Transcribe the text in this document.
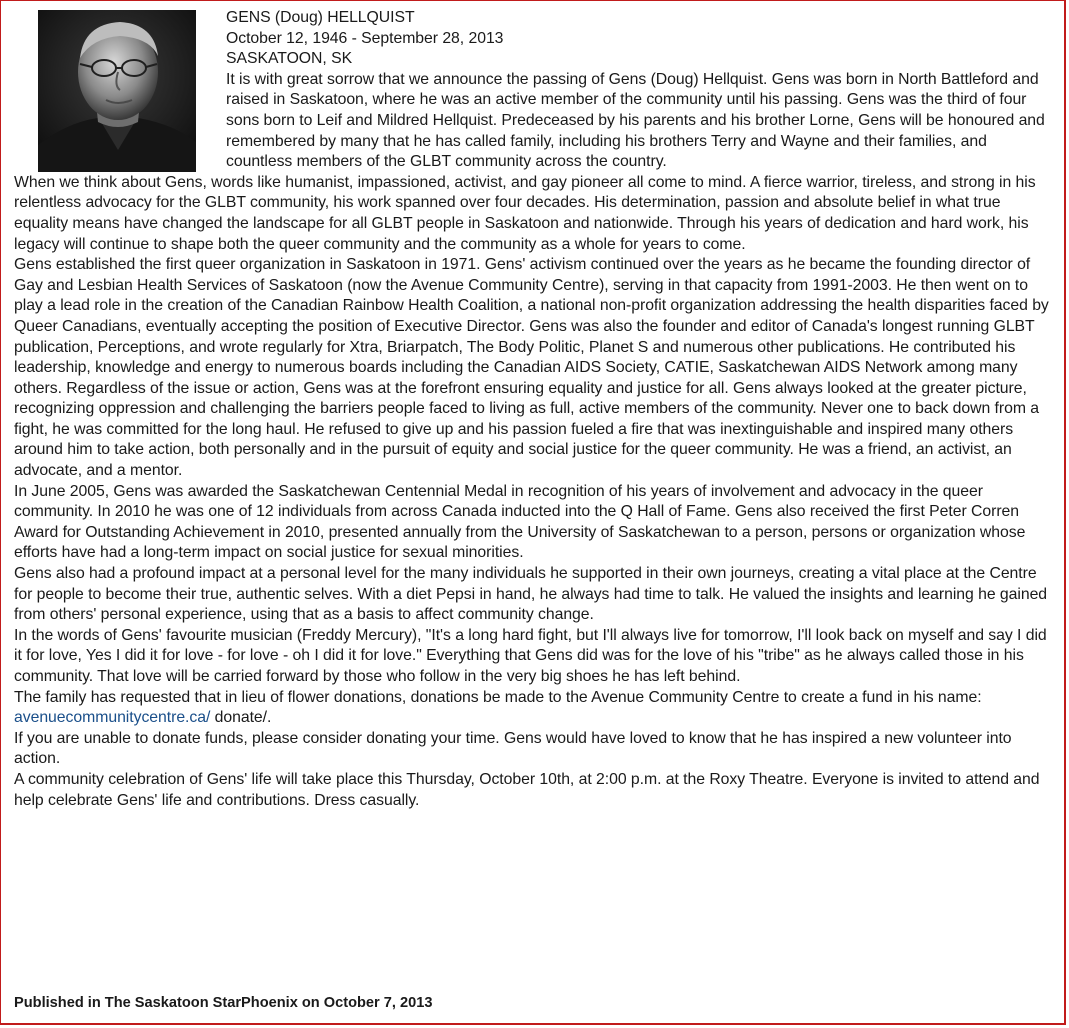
GENS (Doug) HELLQUIST

October 12, 1946 - September 28, 2013

SASKATOON, SK

It is with great sorrow that we announce the passing of Gens (Doug) Hellquist. Gens was born in North Battleford and raised in Saskatoon, where he was an active member of the community until his passing. Gens was the third of four sons born to Leif and Mildred Hellquist. Predeceased by his parents and his brother Lorne, Gens will be honoured and remembered by many that he has called family, including his brothers Terry and Wayne and their families, and countless members of the GLBT community across the country.

When we think about Gens, words like humanist, impassioned, activist, and gay pioneer all come to mind. A fierce warrior, tireless, and strong in his relentless advocacy for the GLBT community, his work spanned over four decades. His determination, passion and absolute belief in what true equality means have changed the landscape for all GLBT people in Saskatoon and nationwide. Through his years of dedication and hard work, his legacy will continue to shape both the queer community and the community as a whole for years to come.

Gens established the first queer organization in Saskatoon in 1971. Gens' activism continued over the years as he became the founding director of Gay and Lesbian Health Services of Saskatoon (now the Avenue Community Centre), serving in that capacity from 1991-2003. He then went on to play a lead role in the creation of the Canadian Rainbow Health Coalition, a national non-profit organization addressing the health disparities faced by Queer Canadians, eventually accepting the position of Executive Director. Gens was also the founder and editor of Canada's longest running GLBT publication, Perceptions, and wrote regularly for Xtra, Briarpatch, The Body Politic, Planet S and numerous other publications. He contributed his leadership, knowledge and energy to numerous boards including the Canadian AIDS Society, CATIE, Saskatchewan AIDS Network among many others. Regardless of the issue or action, Gens was at the forefront ensuring equality and justice for all. Gens always looked at the greater picture, recognizing oppression and challenging the barriers people faced to living as full, active members of the community. Never one to back down from a fight, he was committed for the long haul. He refused to give up and his passion fueled a fire that was inextinguishable and inspired many others around him to take action, both personally and in the pursuit of equity and social justice for the queer community. He was a friend, an activist, an advocate, and a mentor.

In June 2005, Gens was awarded the Saskatchewan Centennial Medal in recognition of his years of involvement and advocacy in the queer community. In 2010 he was one of 12 individuals from across Canada inducted into the Q Hall of Fame. Gens also received the first Peter Corren Award for Outstanding Achievement in 2010, presented annually from the University of Saskatchewan to a person, persons or organization whose efforts have had a long-term impact on social justice for sexual minorities.

Gens also had a profound impact at a personal level for the many individuals he supported in their own journeys, creating a vital place at the Centre for people to become their true, authentic selves. With a diet Pepsi in hand, he always had time to talk. He valued the insights and learning he gained from others' personal experience, using that as a basis to affect community change.

In the words of Gens' favourite musician (Freddy Mercury), "It's a long hard fight, but I'll always live for tomorrow, I'll look back on myself and say I did it for love, Yes I did it for love - for love - oh I did it for love." Everything that Gens did was for the love of his "tribe" as he always called those in his community. That love will be carried forward by those who follow in the very big shoes he has left behind.

The family has requested that in lieu of flower donations, donations be made to the Avenue Community Centre to create a fund in his name: avenuecommunitycentre.ca/ donate/.

If you are unable to donate funds, please consider donating your time. Gens would have loved to know that he has inspired a new volunteer into action.

A community celebration of Gens' life will take place this Thursday, October 10th, at 2:00 p.m. at the Roxy Theatre. Everyone is invited to attend and help celebrate Gens' life and contributions. Dress casually.

Published in The Saskatoon StarPhoenix on October 7, 2013
